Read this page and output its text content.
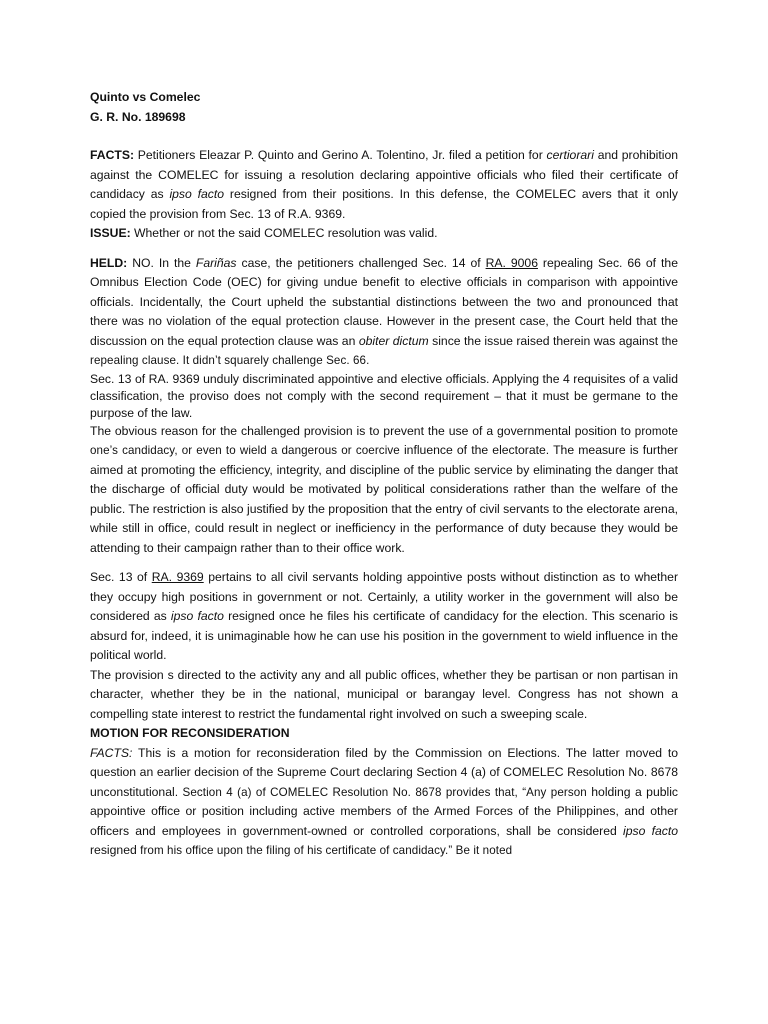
Quinto vs Comelec

G. R. No. 189698

FACTS: Petitioners Eleazar P. Quinto and Gerino A. Tolentino, Jr. filed a petition for certiorari and prohibition against the COMELEC for issuing a resolution declaring appointive officials who filed their certificate of candidacy as ipso facto resigned from their positions. In this defense, the COMELEC avers that it only copied the provision from Sec. 13 of R.A. 9369.

ISSUE: Whether or not the said COMELEC resolution was valid.

HELD: NO. In the Fariñas case, the petitioners challenged Sec. 14 of RA. 9006 repealing Sec. 66 of the Omnibus Election Code (OEC) for giving undue benefit to elective officials in comparison with appointive officials. Incidentally, the Court upheld the substantial distinctions between the two and pronounced that there was no violation of the equal protection clause. However in the present case, the Court held that the discussion on the equal protection clause was an obiter dictum since the issue raised therein was against the repealing clause. It didn’t squarely challenge Sec. 66.

Sec. 13 of RA. 9369 unduly discriminated appointive and elective officials. Applying the 4 requisites of a valid classification, the proviso does not comply with the second requirement – that it must be germane to the purpose of the law.

The obvious reason for the challenged provision is to prevent the use of a governmental position to promote one’s candidacy, or even to wield a dangerous or coercive influence of the electorate. The measure is further aimed at promoting the efficiency, integrity, and discipline of the public service by eliminating the danger that the discharge of official duty would be motivated by political considerations rather than the welfare of the public. The restriction is also justified by the proposition that the entry of civil servants to the electorate arena, while still in office, could result in neglect or inefficiency in the performance of duty because they would be attending to their campaign rather than to their office work.

Sec. 13 of RA. 9369 pertains to all civil servants holding appointive posts without distinction as to whether they occupy high positions in government or not. Certainly, a utility worker in the government will also be considered as ipso facto resigned once he files his certificate of candidacy for the election. This scenario is absurd for, indeed, it is unimaginable how he can use his position in the government to wield influence in the political world.

The provision s directed to the activity any and all public offices, whether they be partisan or non partisan in character, whether they be in the national, municipal or barangay level. Congress has not shown a compelling state interest to restrict the fundamental right involved on such a sweeping scale.

MOTION FOR RECONSIDERATION

FACTS: This is a motion for reconsideration filed by the Commission on Elections. The latter moved to question an earlier decision of the Supreme Court declaring Section 4 (a) of COMELEC Resolution No. 8678 unconstitutional. Section 4 (a) of COMELEC Resolution No. 8678 provides that, “Any person holding a public appointive office or position including active members of the Armed Forces of the Philippines, and other officers and employees in government-owned or controlled corporations, shall be considered ipso facto resigned from his office upon the filing of his certificate of candidacy.” Be it noted
